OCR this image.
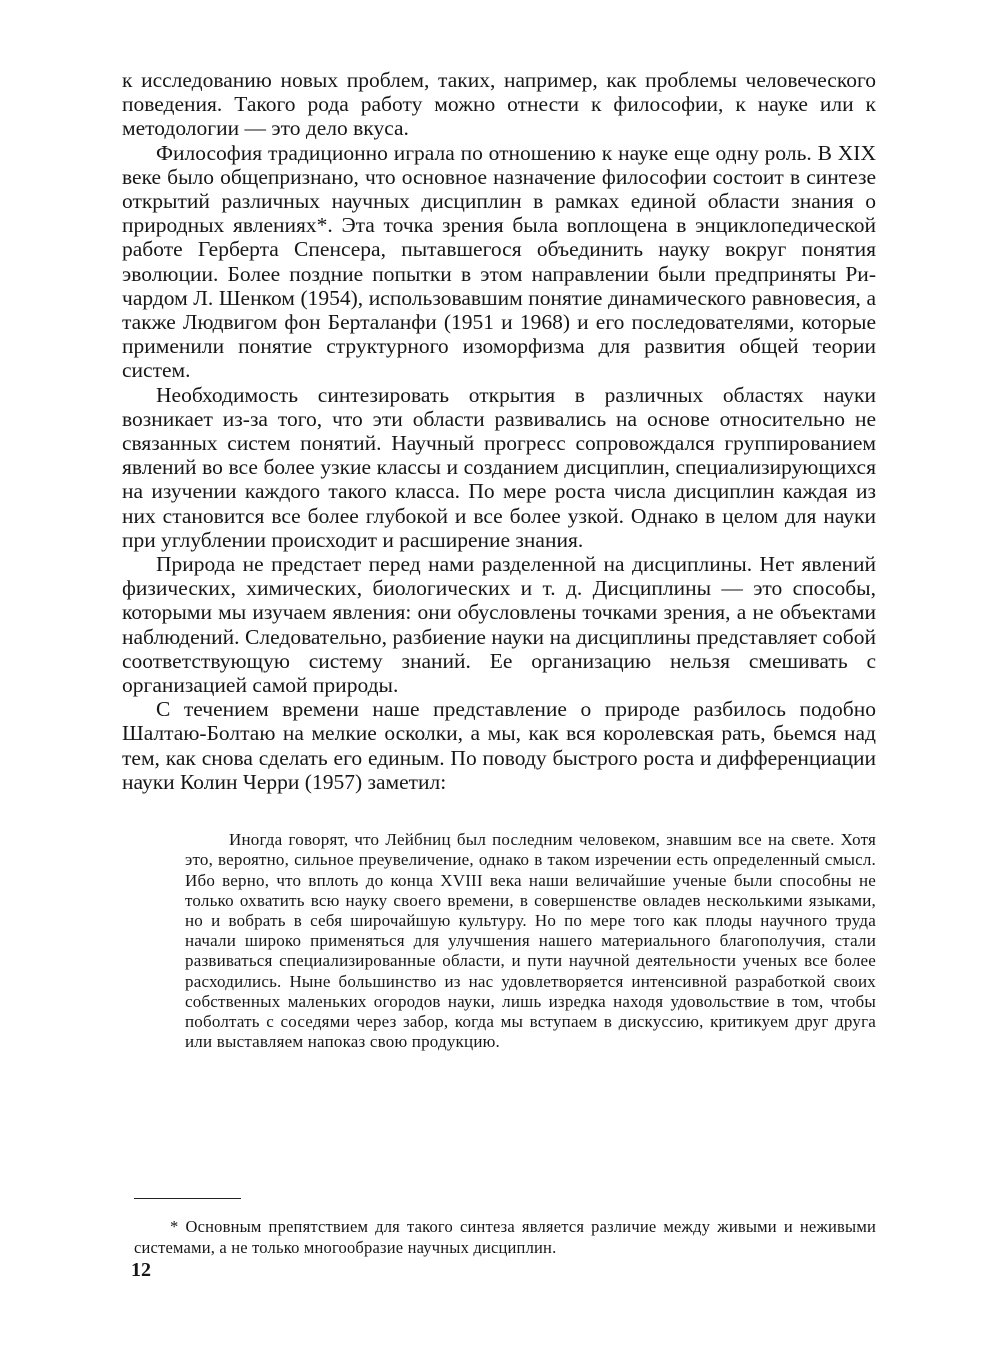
к исследованию новых проблем, таких, например, как проблемы человеческого поведения. Такого рода работу можно отнести к философии, к науке или к методологии — это дело вкуса.

Философия традиционно играла по отношению к науке еще одну роль. В XIX веке было общепризнано, что основное назначение философии состоит в синтезе открытий различных научных дисциплин в рамках единой области знания о природных явлениях*. Эта точка зрения была воплощена в энциклопедической работе Герберта Спенсера, пытавшегося объединить науку вокруг понятия эволюции. Более поздние попытки в этом направлении были предприняты Ричардом Л. Шенком (1954), использовавшим понятие динамического равновесия, а также Людвигом фон Берталанфи (1951 и 1968) и его последователями, которые применили понятие структурного изоморфизма для развития общей теории систем.

Необходимость синтезировать открытия в различных областях науки возникает из-за того, что эти области развивались на основе относительно не связанных систем понятий. Научный прогресс сопровождался группированием явлений во все более узкие классы и созданием дисциплин, специализирующихся на изучении каждого такого класса. По мере роста числа дисциплин каждая из них становится все более глубокой и все более узкой. Однако в целом для науки при углублении происходит и расширение знания.

Природа не предстает перед нами разделенной на дисциплины. Нет явлений физических, химических, биологических и т. д. Дисциплины — это способы, которыми мы изучаем явления: они обусловлены точками зрения, а не объектами наблюдений. Следовательно, разбиение науки на дисциплины представляет собой соответствующую систему знаний. Ее организацию нельзя смешивать с организацией самой природы.

С течением времени наше представление о природе разбилось подобно Шалтаю-Болтаю на мелкие осколки, а мы, как вся королевская рать, бьемся над тем, как снова сделать его единым. По поводу быстрого роста и дифференциации науки Колин Черри (1957) заметил:

Иногда говорят, что Лейбниц был последним человеком, знавшим все на свете. Хотя это, вероятно, сильное преувеличение, однако в таком изречении есть определенный смысл. Ибо верно, что вплоть до конца XVIII века наши величайшие ученые были способны не только охватить всю науку своего времени, в совершенстве овладев несколькими языками, но и вобрать в себя широчайшую культуру. Но по мере того как плоды научного труда начали широко применяться для улучшения нашего материального благополучия, стали развиваться специализированные области, и пути научной деятельности ученых все более расходились. Ныне большинство из нас удовлетворяется интенсивной разработкой своих собственных маленьких огородов науки, лишь изредка находя удовольствие в том, чтобы поболтать с соседями через забор, когда мы вступаем в дискуссию, критикуем друг друга или выставляем напоказ свою продукцию.

* Основным препятствием для такого синтеза является различие между живыми и неживыми системами, а не только многообразие научных дисциплин.

12
